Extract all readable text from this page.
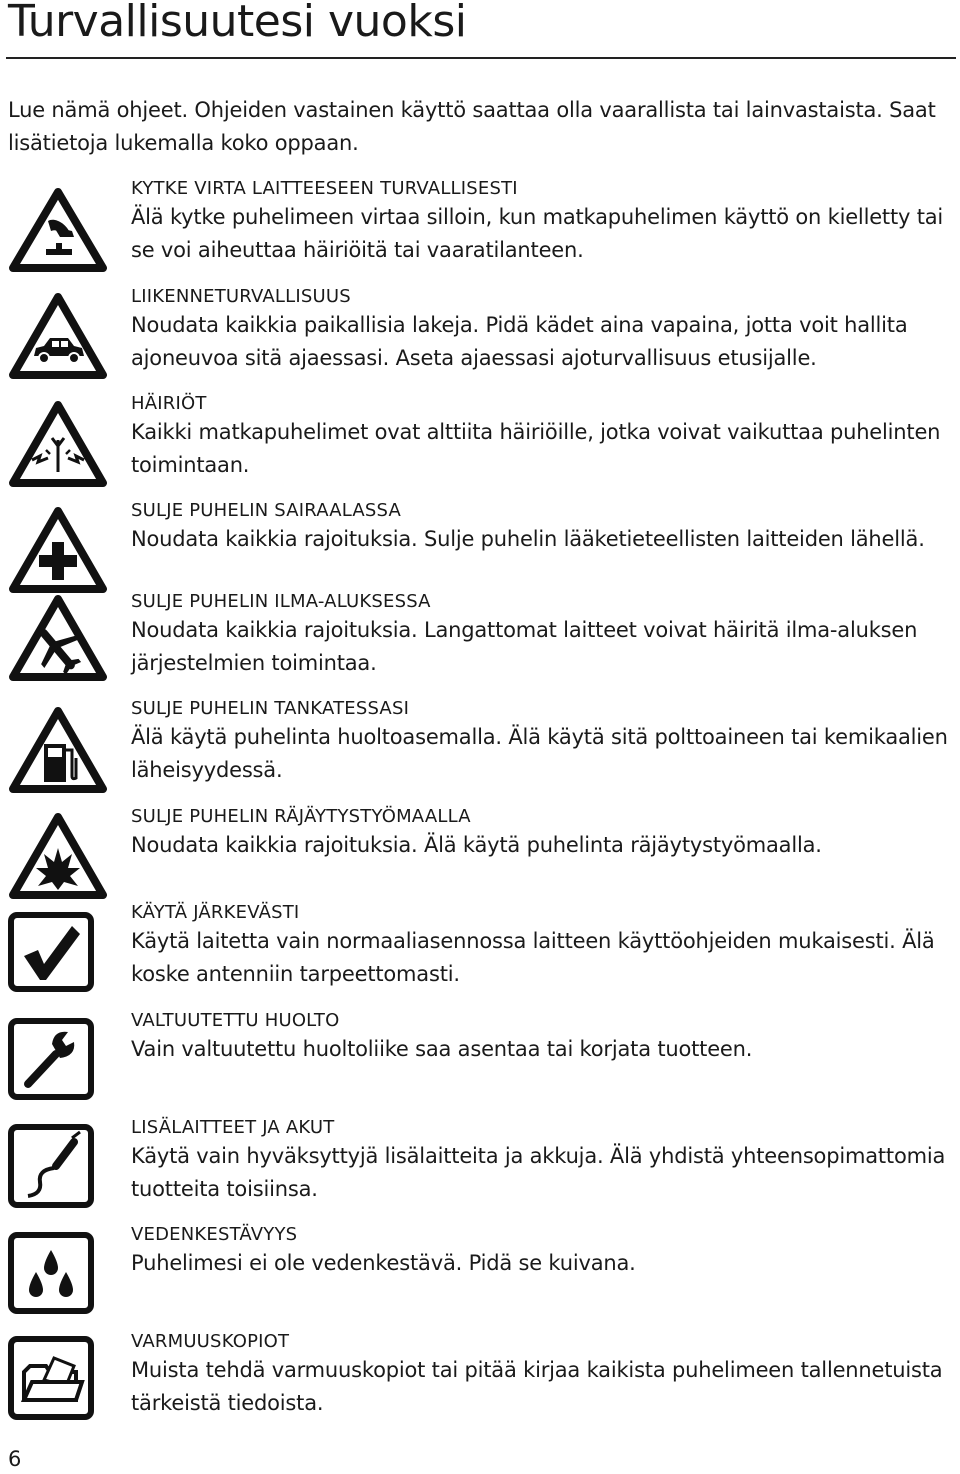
Turvallisuutesi vuoksi
Lue nämä ohjeet. Ohjeiden vastainen käyttö saattaa olla vaarallista tai lainvastaista. Saat lisätietoja lukemalla koko oppaan.
KYTKE VIRTA LAITTEESEEN TURVALLISESTI
Älä kytke puhelimeen virtaa silloin, kun matkapuhelimen käyttö on kielletty tai se voi aiheuttaa häiriöitä tai vaaratilanteen.
LIIKENNETURVALLISUUS
Noudata kaikkia paikallisia lakeja. Pidä kädet aina vapaina, jotta voit hallita ajoneuvoa sitä ajaessasi. Aseta ajaessasi ajoturvallisuus etusijalle.
HÄIRIÖT
Kaikki matkapuhelimet ovat alttiita häiriöille, jotka voivat vaikuttaa puhelinten toimintaan.
SULJE PUHELIN SAIRAALASSA
Noudata kaikkia rajoituksia. Sulje puhelin lääketieteellisten laitteiden lähellä.
SULJE PUHELIN ILMA-ALUKSESSA
Noudata kaikkia rajoituksia. Langattomat laitteet voivat häiritä ilma-aluksen järjestelmien toimintaa.
SULJE PUHELIN TANKATESSASI
Älä käytä puhelinta huoltoasemalla. Älä käytä sitä polttoaineen tai kemikaalien läheisyydessä.
SULJE PUHELIN RÄJÄYTYSTYÖMAALLA
Noudata kaikkia rajoituksia. Älä käytä puhelinta räjäytystyömaalla.
KÄYTÄ JÄRKEVÄSTI
Käytä laitetta vain normaaliasennossa laitteen käyttöohjeiden mukaisesti. Älä koske antenniin tarpeettomasti.
VALTUUTETTU HUOLTO
Vain valtuutettu huoltoliike saa asentaa tai korjata tuotteen.
LISÄLAITTEET JA AKUT
Käytä vain hyväksyttyjä lisälaitteita ja akkuja. Älä yhdistä yhteensopimattomia tuotteita toisiinsa.
VEDENKESTÄVYYS
Puhelimesi ei ole vedenkestävä. Pidä se kuivana.
VARMUUSKOPIOT
Muista tehdä varmuuskopiot tai pitää kirjaa kaikista puhelimeen tallennetuista tärkeistä tiedoista.
6
